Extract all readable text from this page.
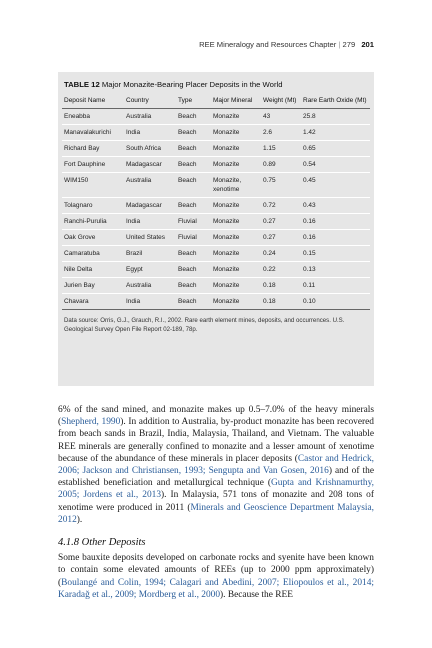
REE Mineralogy and Resources Chapter | 279 201
TABLE 12 Major Monazite-Bearing Placer Deposits in the World
Deposit Name	Country	Type	Major Mineral	Weight (Mt)	Rare Earth Oxide (Mt)
Eneabba	Australia	Beach	Monazite	43	25.8
Manavalakurichi	India	Beach	Monazite	2.6	1.42
Richard Bay	South Africa	Beach	Monazite	1.15	0.65
Fort Dauphine	Madagascar	Beach	Monazite	0.89	0.54
WIM150	Australia	Beach	Monazite, xenotime	0.75	0.45
Tolagnaro	Madagascar	Beach	Monazite	0.72	0.43
Ranchi-Purulia	India	Fluvial	Monazite	0.27	0.16
Oak Grove	United States	Fluvial	Monazite	0.27	0.16
Camaratuba	Brazil	Beach	Monazite	0.24	0.15
Nile Delta	Egypt	Beach	Monazite	0.22	0.13
Jurien Bay	Australia	Beach	Monazite	0.18	0.11
Chavara	India	Beach	Monazite	0.18	0.10
Data source: Orris, G.J., Grauch, R.I., 2002. Rare earth element mines, deposits, and occurrences. U.S. Geological Survey Open File Report 02-189, 78p.

6% of the sand mined, and monazite makes up 0.5–7.0% of the heavy minerals (Shepherd, 1990). In addition to Australia, by-product monazite has been recovered from beach sands in Brazil, India, Malaysia, Thailand, and Vietnam. The valuable REE minerals are generally confined to monazite and a lesser amount of xenotime because of the abundance of these minerals in placer deposits (Castor and Hedrick, 2006; Jackson and Christiansen, 1993; Sengupta and Van Gosen, 2016) and of the established beneficiation and metallurgical technique (Gupta and Krishnamurthy, 2005; Jordens et al., 2013). In Malaysia, 571 tons of monazite and 208 tons of xenotime were produced in 2011 (Minerals and Geoscience Department Malaysia, 2012).

4.1.8 Other Deposits

Some bauxite deposits developed on carbonate rocks and syenite have been known to contain some elevated amounts of REEs (up to 2000 ppm approximately) (Boulangé and Colin, 1994; Calagari and Abedini, 2007; Eliopoulos et al., 2014; Karadağ et al., 2009; Mordberg et al., 2000). Because the REE
